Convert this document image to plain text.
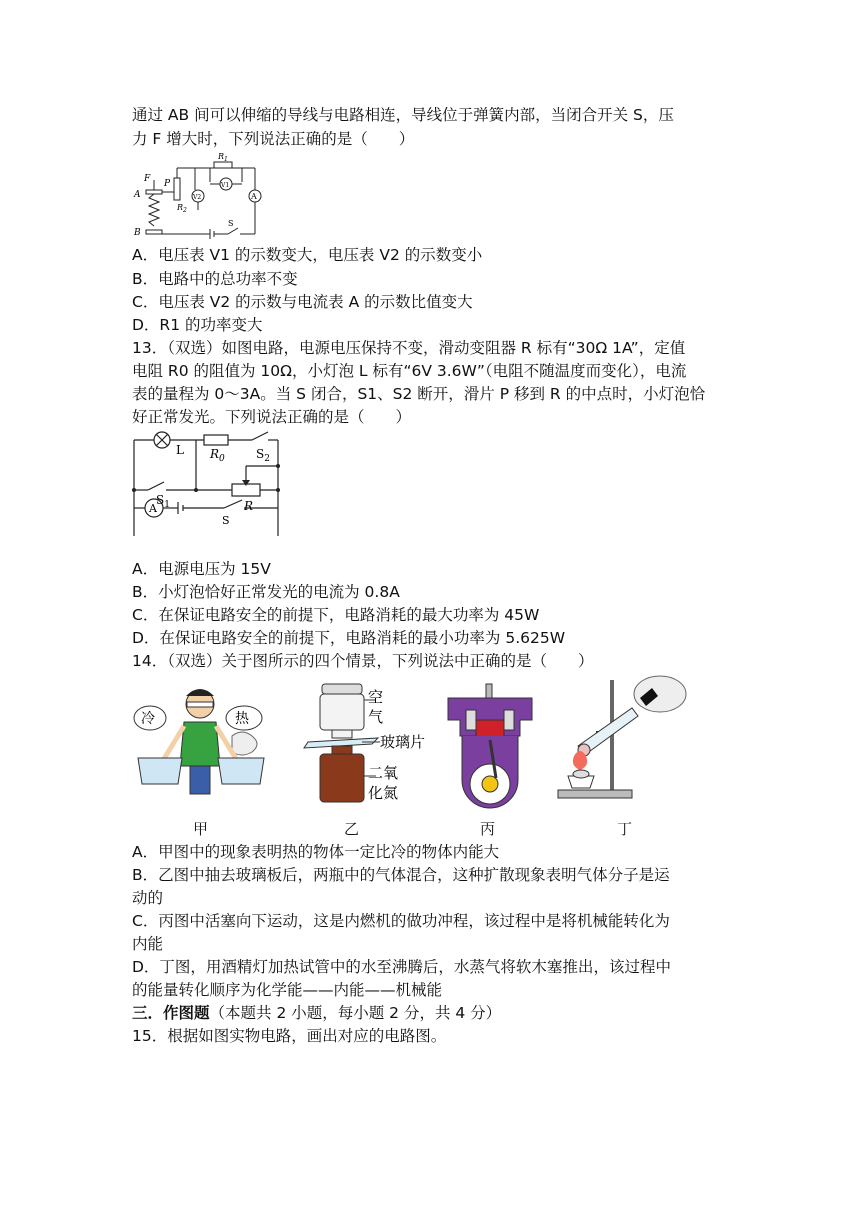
通过 AB 间可以伸缩的导线与电路相连，导线位于弹簧内部，当闭合开关 S，压
力 F 增大时，下列说法正确的是（　　）
F
A
B
P
$R_1$
$R_2$
V1
V2	A
S
A．电压表 V1 的示数变大，电压表 V2 的示数变小
B．电路中的总功率不变
C．电压表 V2 的示数与电流表 A 的示数比值变大
D．R1 的功率变大
13．（双选）如图电路，电源电压保持不变，滑动变阻器 R 标有“30Ω 1A”，定值
电阻 R0 的阻值为 10Ω，小灯泡 L 标有“6V 3.6W”（电阻不随温度而变化），电流
表的量程为 0～3A。当 S 闭合，S1、S2 断开，滑片 P 移到 R 的中点时，小灯泡恰
好正常发光。下列说法正确的是（　　）
L $R_0$	$S_2$
$S_1$	R
A
S
A．电源电压为 15V
B．小灯泡恰好正常发光的电流为 0.8A
C．在保证电路安全的前提下，电路消耗的最大功率为 45W
D．在保证电路安全的前提下，电路消耗的最小功率为 5.625W
14．（双选）关于图所示的四个情景，下列说法中正确的是（　　）
冷	热
甲
空
气
玻璃片
二氧
化氮
乙	丙	丁
A．甲图中的现象表明热的物体一定比冷的物体内能大
B．乙图中抽去玻璃板后，两瓶中的气体混合，这种扩散现象表明气体分子是运
动的
C．丙图中活塞向下运动，这是内燃机的做功冲程，该过程中是将机械能转化为
内能
D．丁图，用酒精灯加热试管中的水至沸腾后，水蒸气将软木塞推出，该过程中
的能量转化顺序为化学能——内能——机械能
三．作图题（本题共 2 小题，每小题 2 分，共 4 分）
15．根据如图实物电路，画出对应的电路图。
